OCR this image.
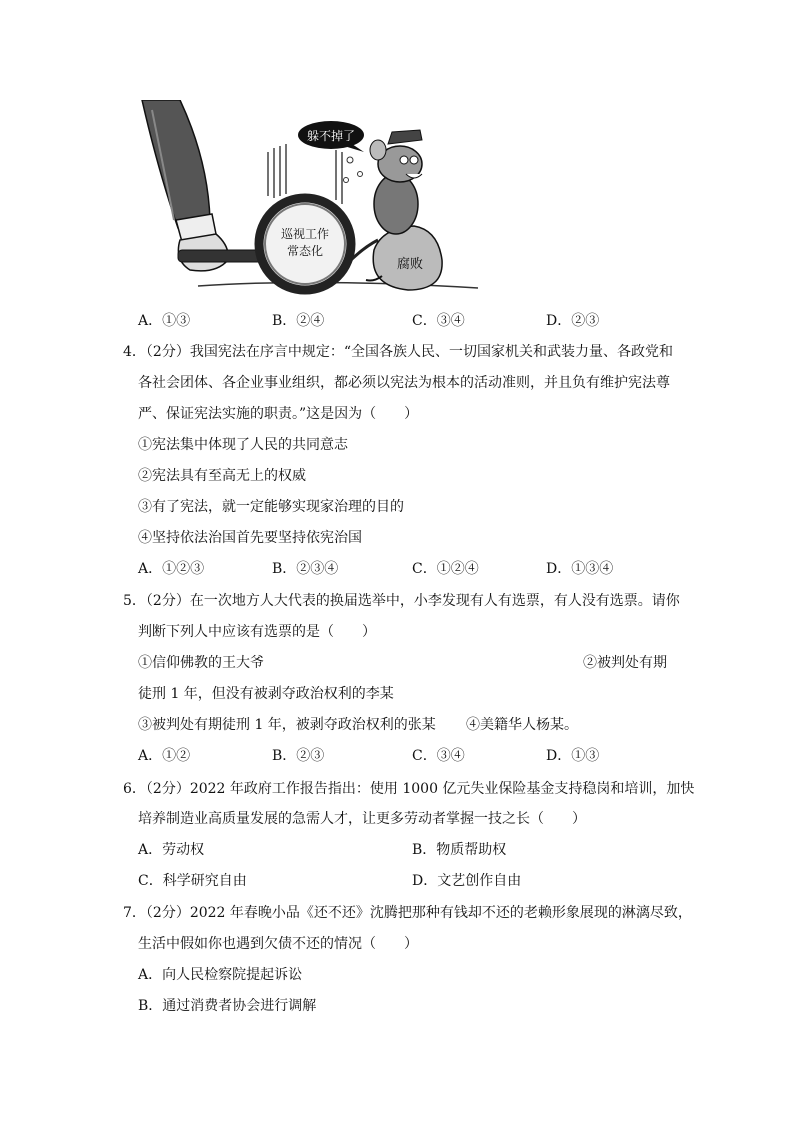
躲不掉了
巡视工作
常态化
腐败
A．①③	B．②④	C．③④	D．②③
4．（2分）我国宪法在序言中规定：“全国各族人民、一切国家机关和武装力量、各政党和
各社会团体、各企业事业组织，都必须以宪法为根本的活动准则，并且负有维护宪法尊
严、保证宪法实施的职责。”这是因为（　　）
①宪法集中体现了人民的共同意志
②宪法具有至高无上的权威
③有了宪法，就一定能够实现家治理的目的
④坚持依法治国首先要坚持依宪治国
A．①②③	B．②③④	C．①②④	D．①③④
5．（2分）在一次地方人大代表的换届选举中，小李发现有人有选票，有人没有选票。请你
判断下列人中应该有选票的是（　　）
①信仰佛教的王大爷	②被判处有期
徒刑 1 年，但没有被剥夺政治权利的李某
③被判处有期徒刑 1 年，被剥夺政治权利的张某 ④美籍华人杨某。
A．①②	B．②③	C．③④	D．①③
6．（2分）2022 年政府工作报告指出：使用 1000 亿元失业保险基金支持稳岗和培训，加快
培养制造业高质量发展的急需人才，让更多劳动者掌握一技之长（　　）
A．劳动权	B．物质帮助权
C．科学研究自由	D．文艺创作自由
7．（2分）2022 年春晚小品《还不还》沈腾把那种有钱却不还的老赖形象展现的淋漓尽致，
生活中假如你也遇到欠债不还的情况（　　）
A．向人民检察院提起诉讼
B．通过消费者协会进行调解
